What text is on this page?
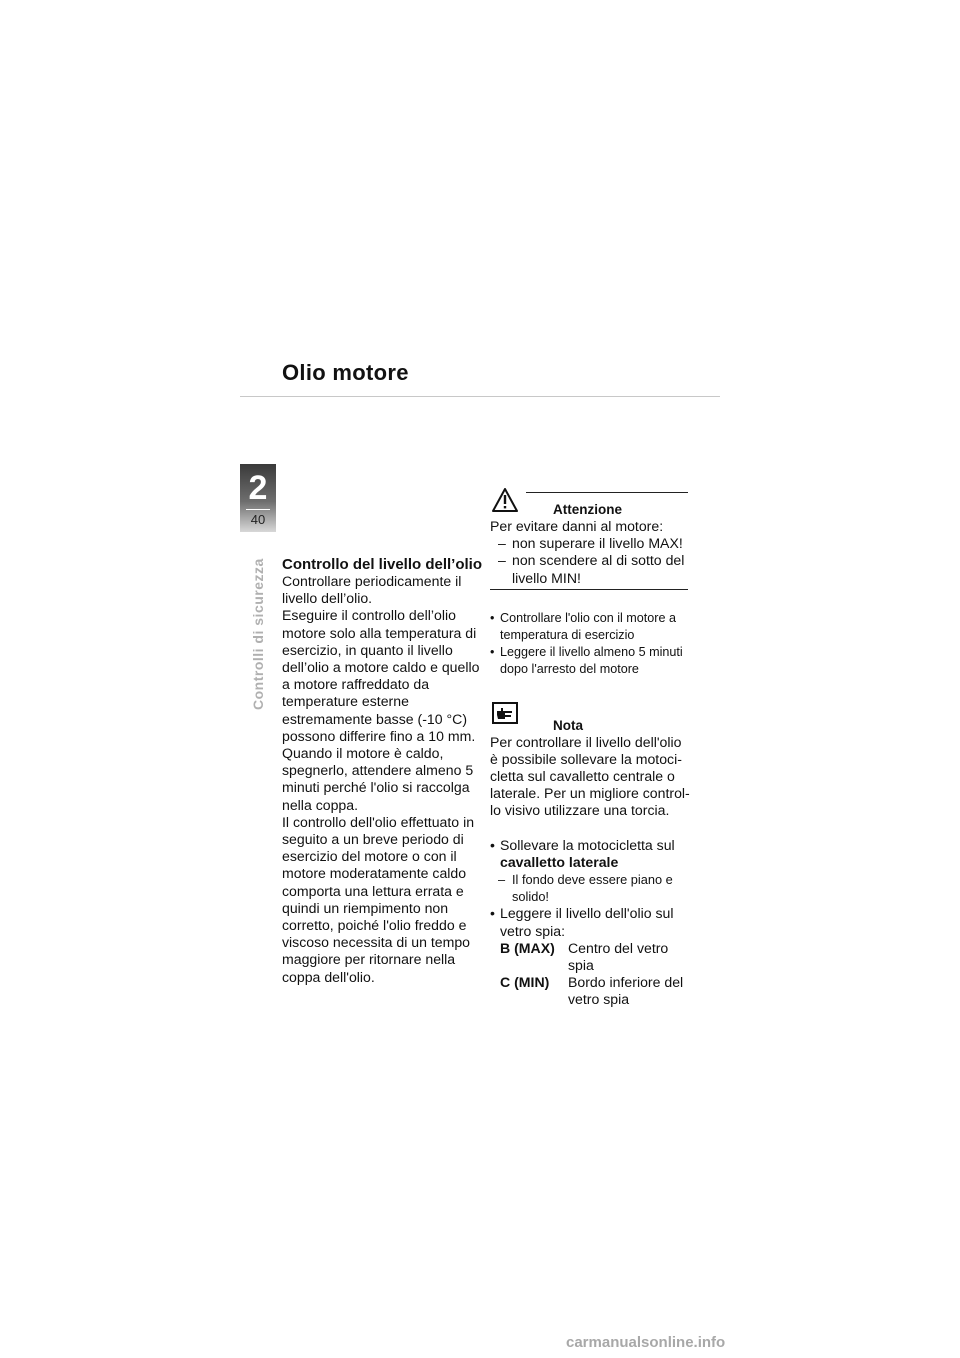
Olio motore
2
40
Controlli di sicurezza Controllo del livello dell’olio

Controllare periodicamente il livello dell’olio.

Eseguire il controllo dell’olio motore solo alla temperatura di esercizio, in quanto il livello dell’olio a motore caldo e quello a motore raffreddato da temperature esterne estremamente basse (-10 °C) possono differire fino a 10 mm.

Quando il motore è caldo, spegnerlo, attendere almeno 5 minuti perché l'olio si raccolga nella coppa.

Il controllo dell'olio effettuato in seguito a un breve periodo di esercizio del motore o con il motore moderatamente caldo comporta una lettura errata e quindi un riempimento non corretto, poiché l'olio freddo e viscoso necessita di un tempo maggiore per ritornare nella coppa dell'olio.

Attenzione

Per evitare danni al motore:

– non superare il livello MAX!
– non scendere al di sotto del livello MIN!
• Controllare l'olio con il motore a temperatura di esercizio
• Leggere il livello almeno 5 minuti dopo l'arresto del motore
Nota

Per controllare il livello dell'olio è possibile sollevare la motoci-cletta sul cavalletto centrale o laterale. Per un migliore control-lo visivo utilizzare una torcia.

• Sollevare la motocicletta sul
cavalletto laterale
– Il fondo deve essere piano e solido!
• Leggere il livello dell'olio sul vetro spia:
B (MAX)	Centro del vetro spia
C (MIN)	Bordo inferiore del vetro spia
carmanualsonline.info
